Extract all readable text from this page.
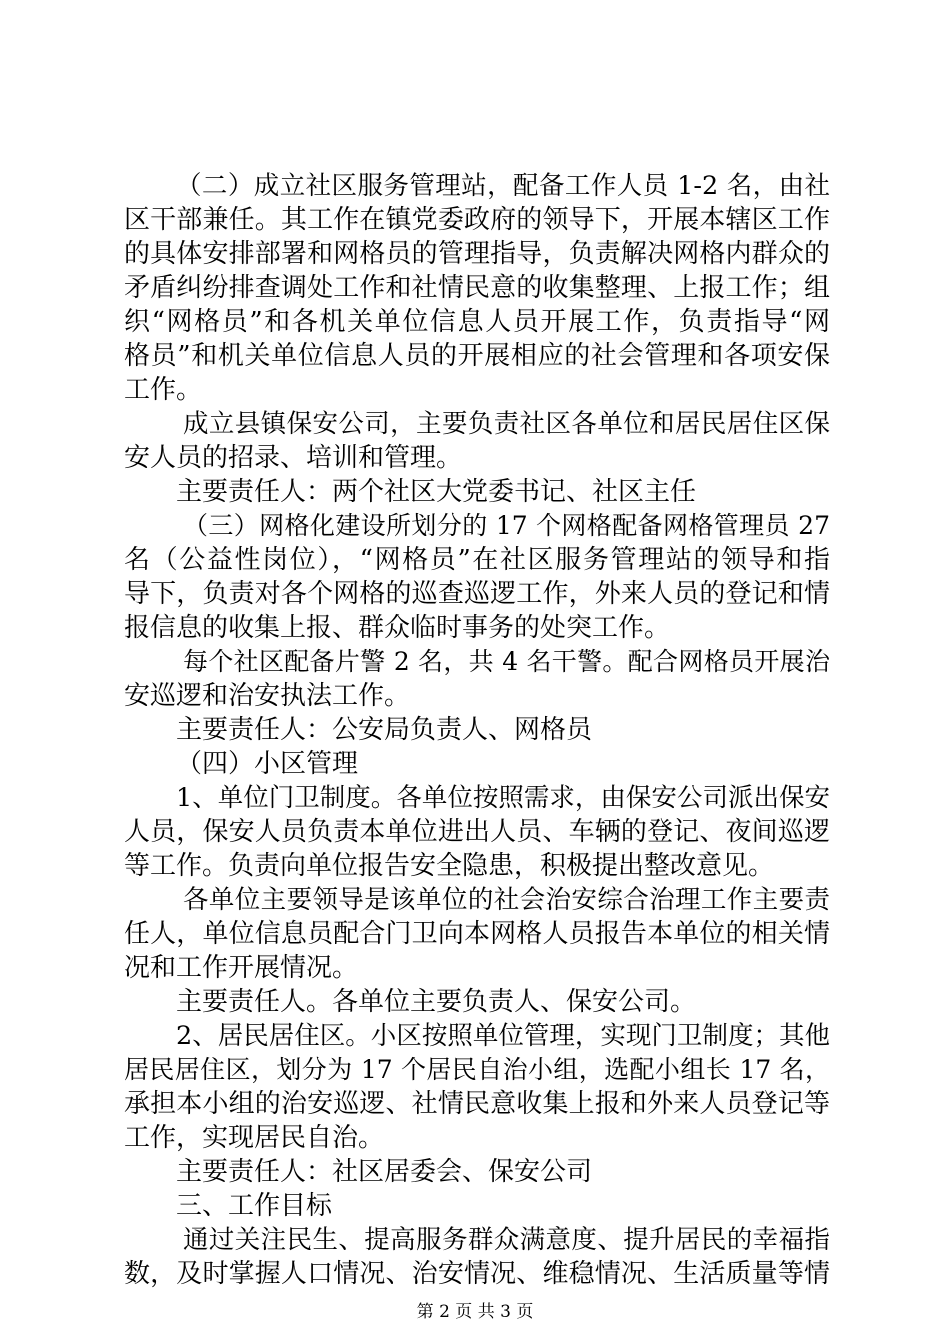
（二）成立社区服务管理站，配备工作人员 1-2 名，由社
区干部兼任。其工作在镇党委政府的领导下，开展本辖区工作
的具体安排部署和网格员的管理指导，负责解决网格内群众的
矛盾纠纷排查调处工作和社情民意的收集整理、上报工作；组
织“网格员”和各机关单位信息人员开展工作，负责指导“网
格员”和机关单位信息人员的开展相应的社会管理和各项安保
工作。
成立县镇保安公司，主要负责社区各单位和居民居住区保
安人员的招录、培训和管理。
主要责任人：两个社区大党委书记、社区主任
（三）网格化建设所划分的 17 个网格配备网格管理员 27
名（公益性岗位），“网格员”在社区服务管理站的领导和指
导下，负责对各个网格的巡查巡逻工作，外来人员的登记和情
报信息的收集上报、群众临时事务的处突工作。
每个社区配备片警 2 名，共 4 名干警。配合网格员开展治
安巡逻和治安执法工作。
主要责任人：公安局负责人、网格员
（四）小区管理
1、单位门卫制度。各单位按照需求，由保安公司派出保安
人员，保安人员负责本单位进出人员、车辆的登记、夜间巡逻
等工作。负责向单位报告安全隐患，积极提出整改意见。
各单位主要领导是该单位的社会治安综合治理工作主要责
任人，单位信息员配合门卫向本网格人员报告本单位的相关情
况和工作开展情况。
主要责任人。各单位主要负责人、保安公司。
2、居民居住区。小区按照单位管理，实现门卫制度；其他
居民居住区，划分为 17 个居民自治小组，选配小组长 17 名，
承担本小组的治安巡逻、社情民意收集上报和外来人员登记等
工作，实现居民自治。
主要责任人：社区居委会、保安公司
三、工作目标
通过关注民生、提高服务群众满意度、提升居民的幸福指
数，及时掌握人口情况、治安情况、维稳情况、生活质量等情
第 2 页 共 3 页
